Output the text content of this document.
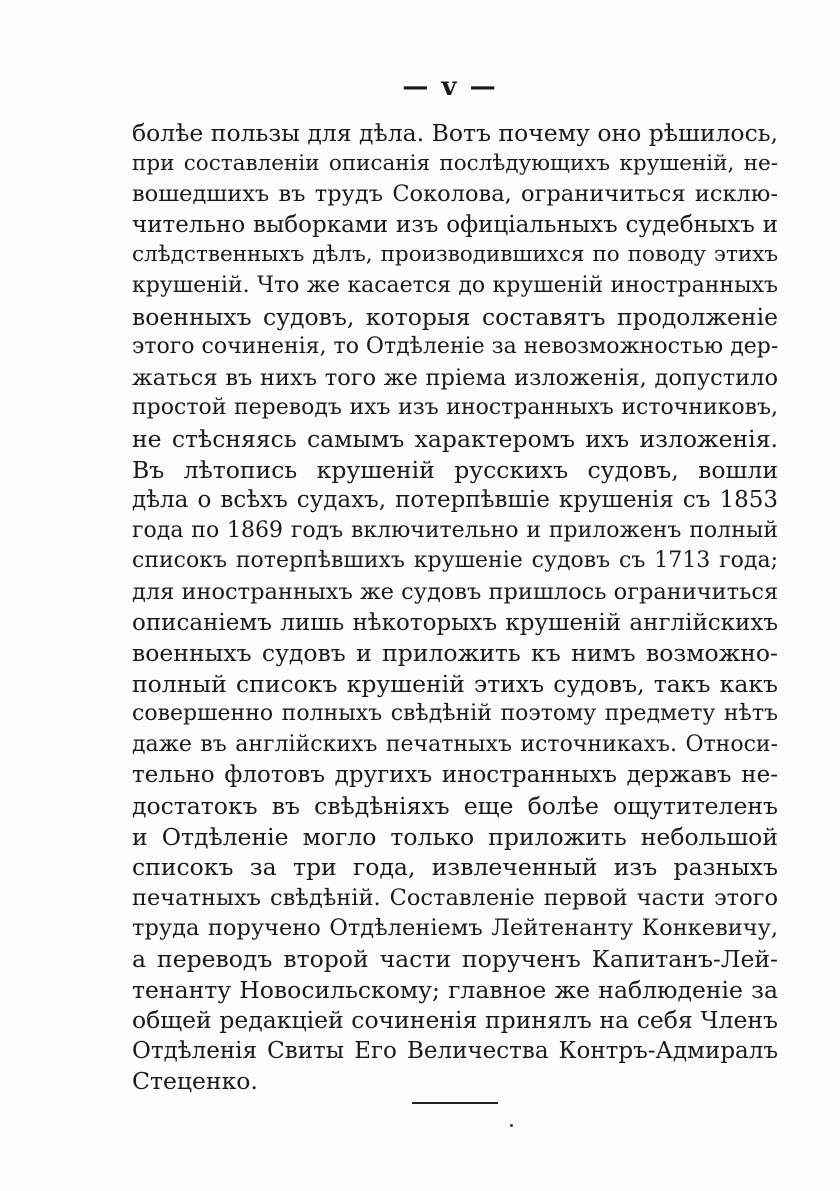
— v —
болѣе пользы для дѣла. Вотъ почему оно рѣшилось,
при составленіи описанія послѣдующихъ крушеній, не-
вошедшихъ въ трудъ Соколова, ограничиться исклю-
чительно выборками изъ офиціальныхъ судебныхъ и
слѣдственныхъ дѣлъ, производившихся по поводу этихъ
крушеній. Что же касается до крушеній иностранныхъ
военныхъ судовъ, которыя составятъ продолженіе
этого сочиненія, то Отдѣленіе за невозможностью дер-
жаться въ нихъ того же пріема изложенія, допустило
простой переводъ ихъ изъ иностранныхъ источниковъ,
не стѣсняясь самымъ характеромъ ихъ изложенія.
Въ лѣтопись крушеній русскихъ судовъ, вошли
дѣла о всѣхъ судахъ, потерпѣвшіе крушенія съ 1853
года по 1869 годъ включительно и приложенъ полный
списокъ потерпѣвшихъ крушеніе судовъ съ 1713 года;
для иностранныхъ же судовъ пришлось ограничиться
описаніемъ лишь нѣкоторыхъ крушеній англійскихъ
военныхъ судовъ и приложить къ нимъ возможно-
полный списокъ крушеній этихъ судовъ, такъ какъ
совершенно полныхъ свѣдѣній поэтому предмету нѣтъ
даже въ англійскихъ печатныхъ источникахъ. Относи-
тельно флотовъ другихъ иностранныхъ державъ не-
достатокъ въ свѣдѣніяхъ еще болѣе ощутителенъ
и Отдѣленіе могло только приложить небольшой
списокъ за три года, извлеченный изъ разныхъ
печатныхъ свѣдѣній. Составленіе первой части этого
труда поручено Отдѣленіемъ Лейтенанту Конкевичу,
а переводъ второй части порученъ Капитанъ-Лей-
тенанту Новосильскому; главное же наблюденіе за
общей редакціей сочиненія принялъ на себя Членъ
Отдѣленія Свиты Его Величества Контръ-Адмиралъ
Стеценко.
